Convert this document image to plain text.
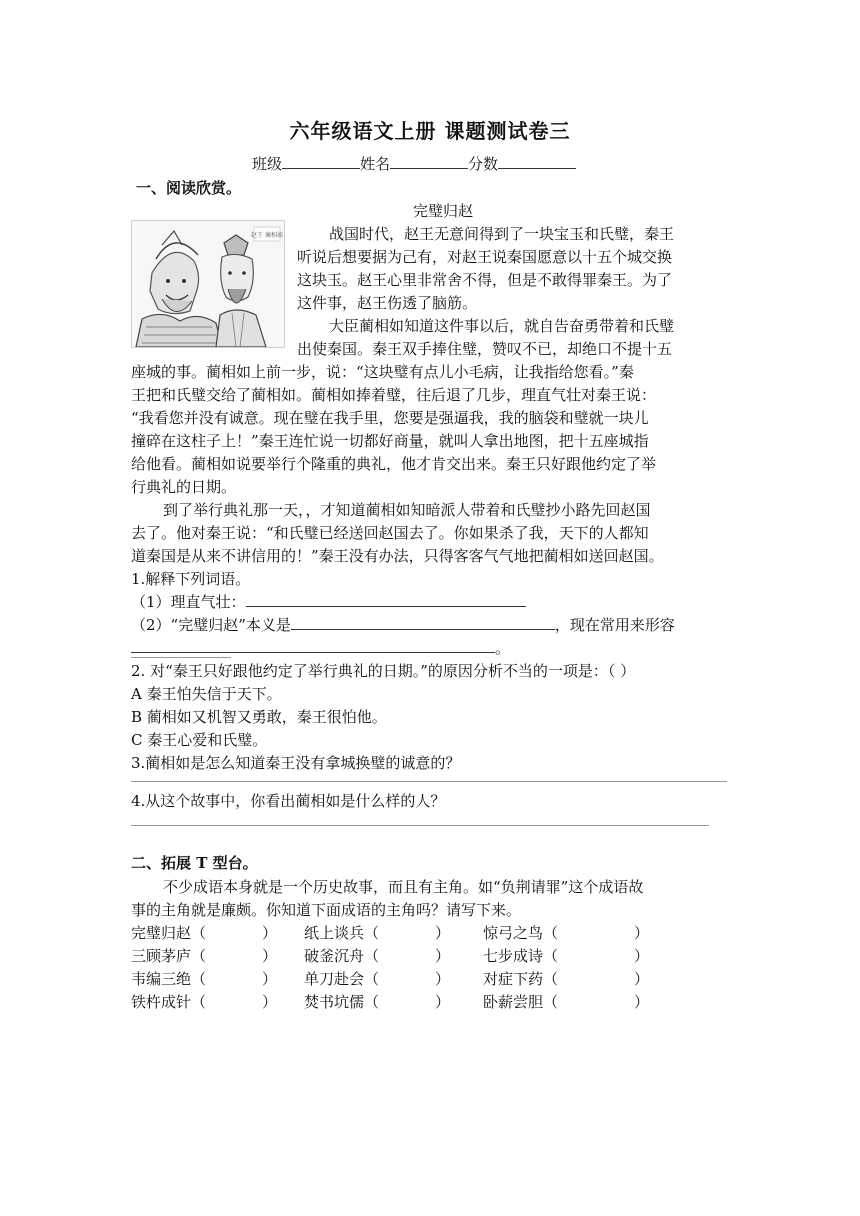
六年级语文上册 课题测试卷三
班级	姓名	分数
一、阅读欣赏。
完璧归赵
赵王 蔺相如	战国时代，赵王无意间得到了一块宝玉和氏璧，秦王
听说后想要据为己有，对赵王说秦国愿意以十五个城交换
这块玉。赵王心里非常舍不得，但是不敢得罪秦王。为了
这件事，赵王伤透了脑筋。
大臣蔺相如知道这件事以后，就自告奋勇带着和氏璧
出使秦国。秦王双手捧住璧，赞叹不已，却绝口不提十五
座城的事。蔺相如上前一步，说：“这块璧有点儿小毛病，让我指给您看。”秦
王把和氏璧交给了蔺相如。蔺相如捧着璧，往后退了几步，理直气壮对秦王说：
“我看您并没有诚意。现在璧在我手里，您要是强逼我，我的脑袋和璧就一块儿
撞碎在这柱子上！”秦王连忙说一切都好商量，就叫人拿出地图，把十五座城指
给他看。蔺相如说要举行个隆重的典礼，他才肯交出来。秦王只好跟他约定了举
行典礼的日期。
到了举行典礼那一天，，才知道蔺相如知暗派人带着和氏璧抄小路先回赵国
去了。他对秦王说：“和氏璧已经送回赵国去了。你如果杀了我，天下的人都知
道秦国是从来不讲信用的！”秦王没有办法，只得客客气气地把蔺相如送回赵国。
1.解释下列词语。
（1）理直气壮：
（2）“完璧归赵”本义是	，现在常用来形容
。
2. 对“秦王只好跟他约定了举行典礼的日期。”的原因分析不当的一项是：（ ）
A 秦王怕失信于天下。
B 蔺相如又机智又勇敢，秦王很怕他。
C 秦王心爱和氏璧。
3.蔺相如是怎么知道秦王没有拿城换璧的诚意的？
4.从这个故事中，你看出蔺相如是什么样的人？
二、拓展 T 型台。
不少成语本身就是一个历史故事，而且有主角。如“负荆请罪”这个成语故
事的主角就是廉颇。你知道下面成语的主角吗？请写下来。
完璧归赵（	） 纸上谈兵（	） 惊弓之鸟（	）
三顾茅庐（	） 破釜沉舟（	） 七步成诗（	）
韦编三绝（	） 单刀赴会（	） 对症下药（	）
铁杵成针（	） 焚书坑儒（	） 卧薪尝胆（	）
